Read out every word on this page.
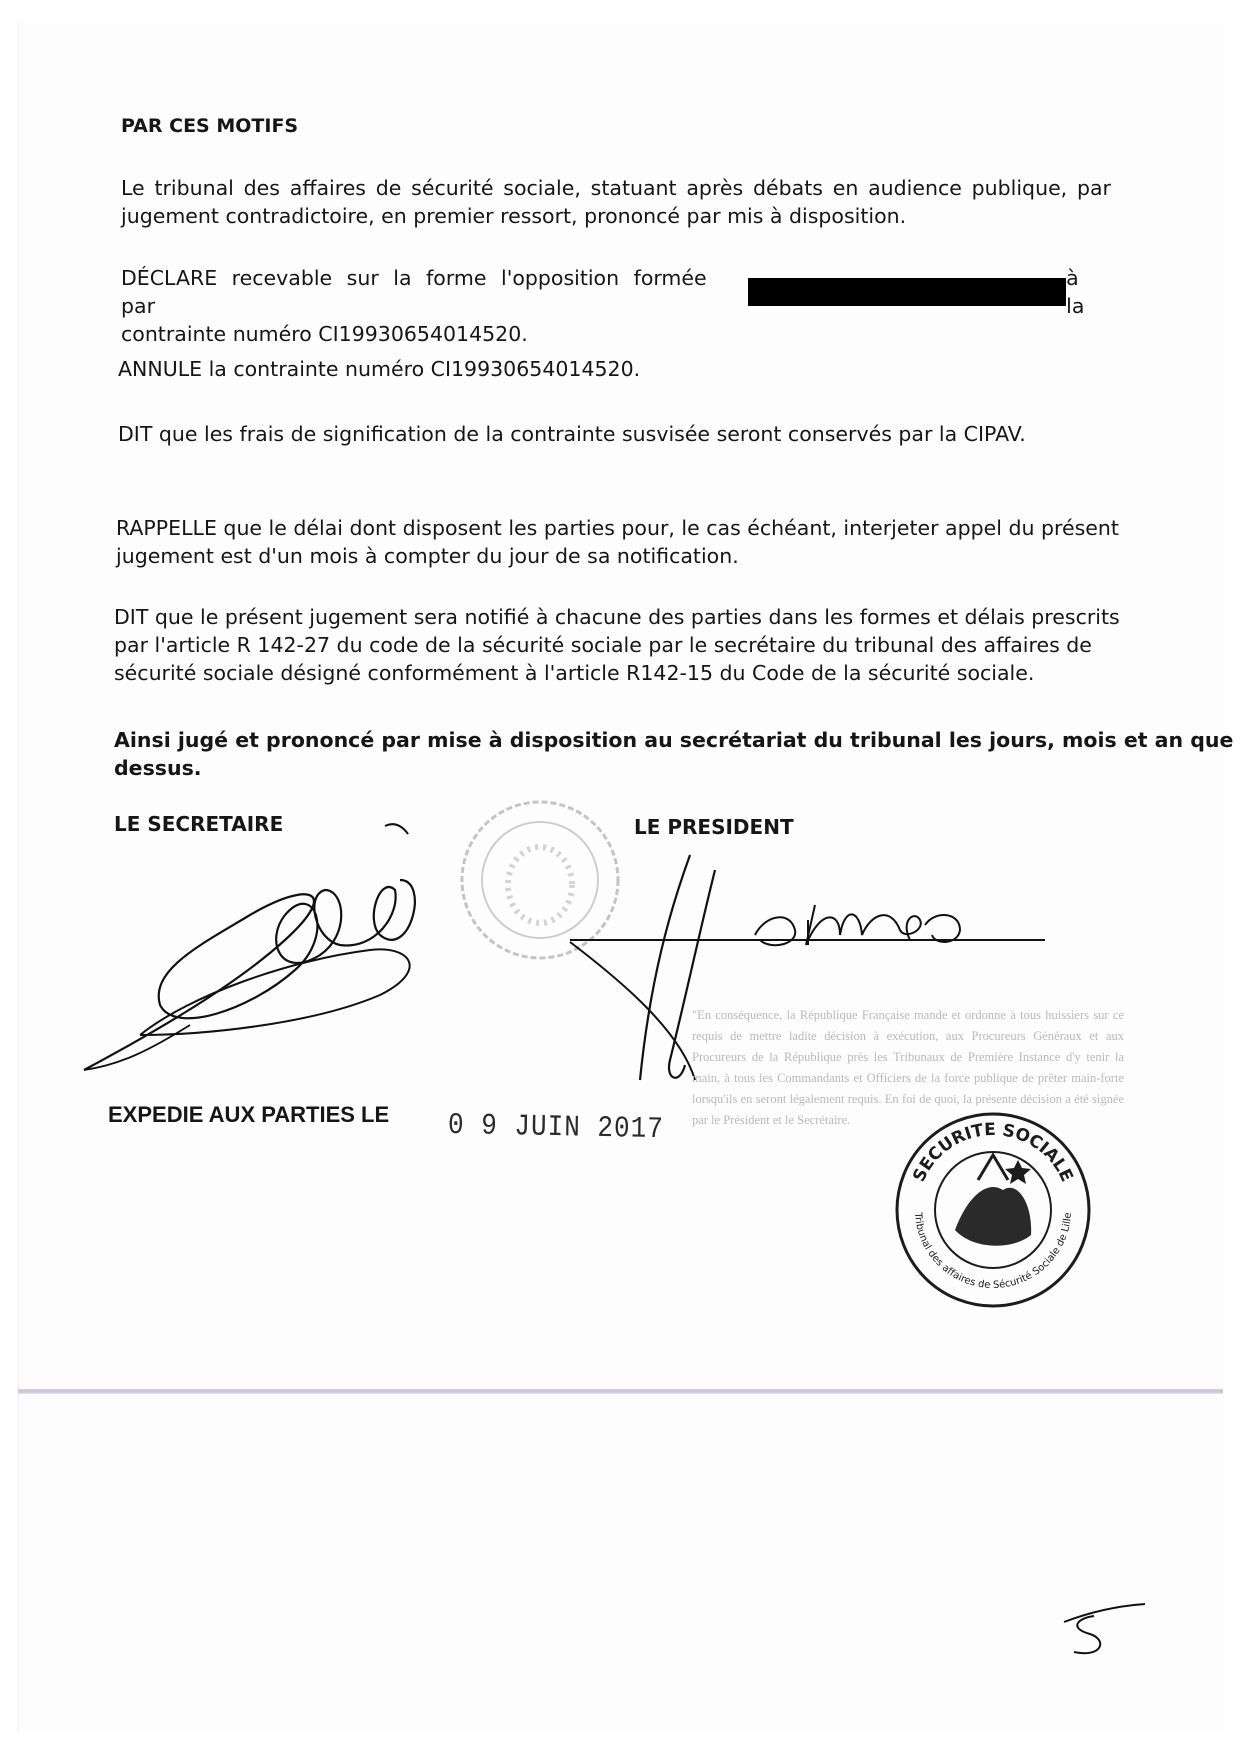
PAR CES MOTIFS

Le tribunal des affaires de sécurité sociale, statuant après débats en audience publique, par jugement contradictoire, en premier ressort, prononcé par mis à disposition.

DÉCLARE recevable sur la forme l'opposition formée par
à la
contrainte numéro CI19930654014520.

ANNULE la contrainte numéro CI19930654014520.

DIT que les frais de signification de la contrainte susvisée seront conservés par la CIPAV.

RAPPELLE que le délai dont disposent les parties pour, le cas échéant, interjeter appel du présent
jugement est d'un mois à compter du jour de sa notification.
DIT que le présent jugement sera notifié à chacune des parties dans les formes et délais prescrits
par l'article R 142-27 du code de la sécurité sociale par le secrétaire du tribunal des affaires de
sécurité sociale désigné conformément à l'article R142-15 du Code de la sécurité sociale.
Ainsi jugé et prononcé par mise à disposition au secrétariat du tribunal les jours, mois et an que
dessus.
LE SECRETAIRE	LE PRESIDENT
"En conséquence, la République Française mande et ordonne à tous huissiers sur ce requis de mettre ladite décision à exécution, aux Procureurs Généraux et aux Procureurs de la République près les Tribunaux de Première Instance d'y tenir la main, à tous les Commandants et Officiers de la force publique de prêter main-forte lorsqu'ils en seront légalement requis. En foi de quoi, la présente décision a été signée par le Président et le Secrétaire.
EXPEDIE AUX PARTIES LE 0 9 JUIN 2017
SECURITE SOCIALE
Tribunal des affaires de Sécurité Sociale de Lille
